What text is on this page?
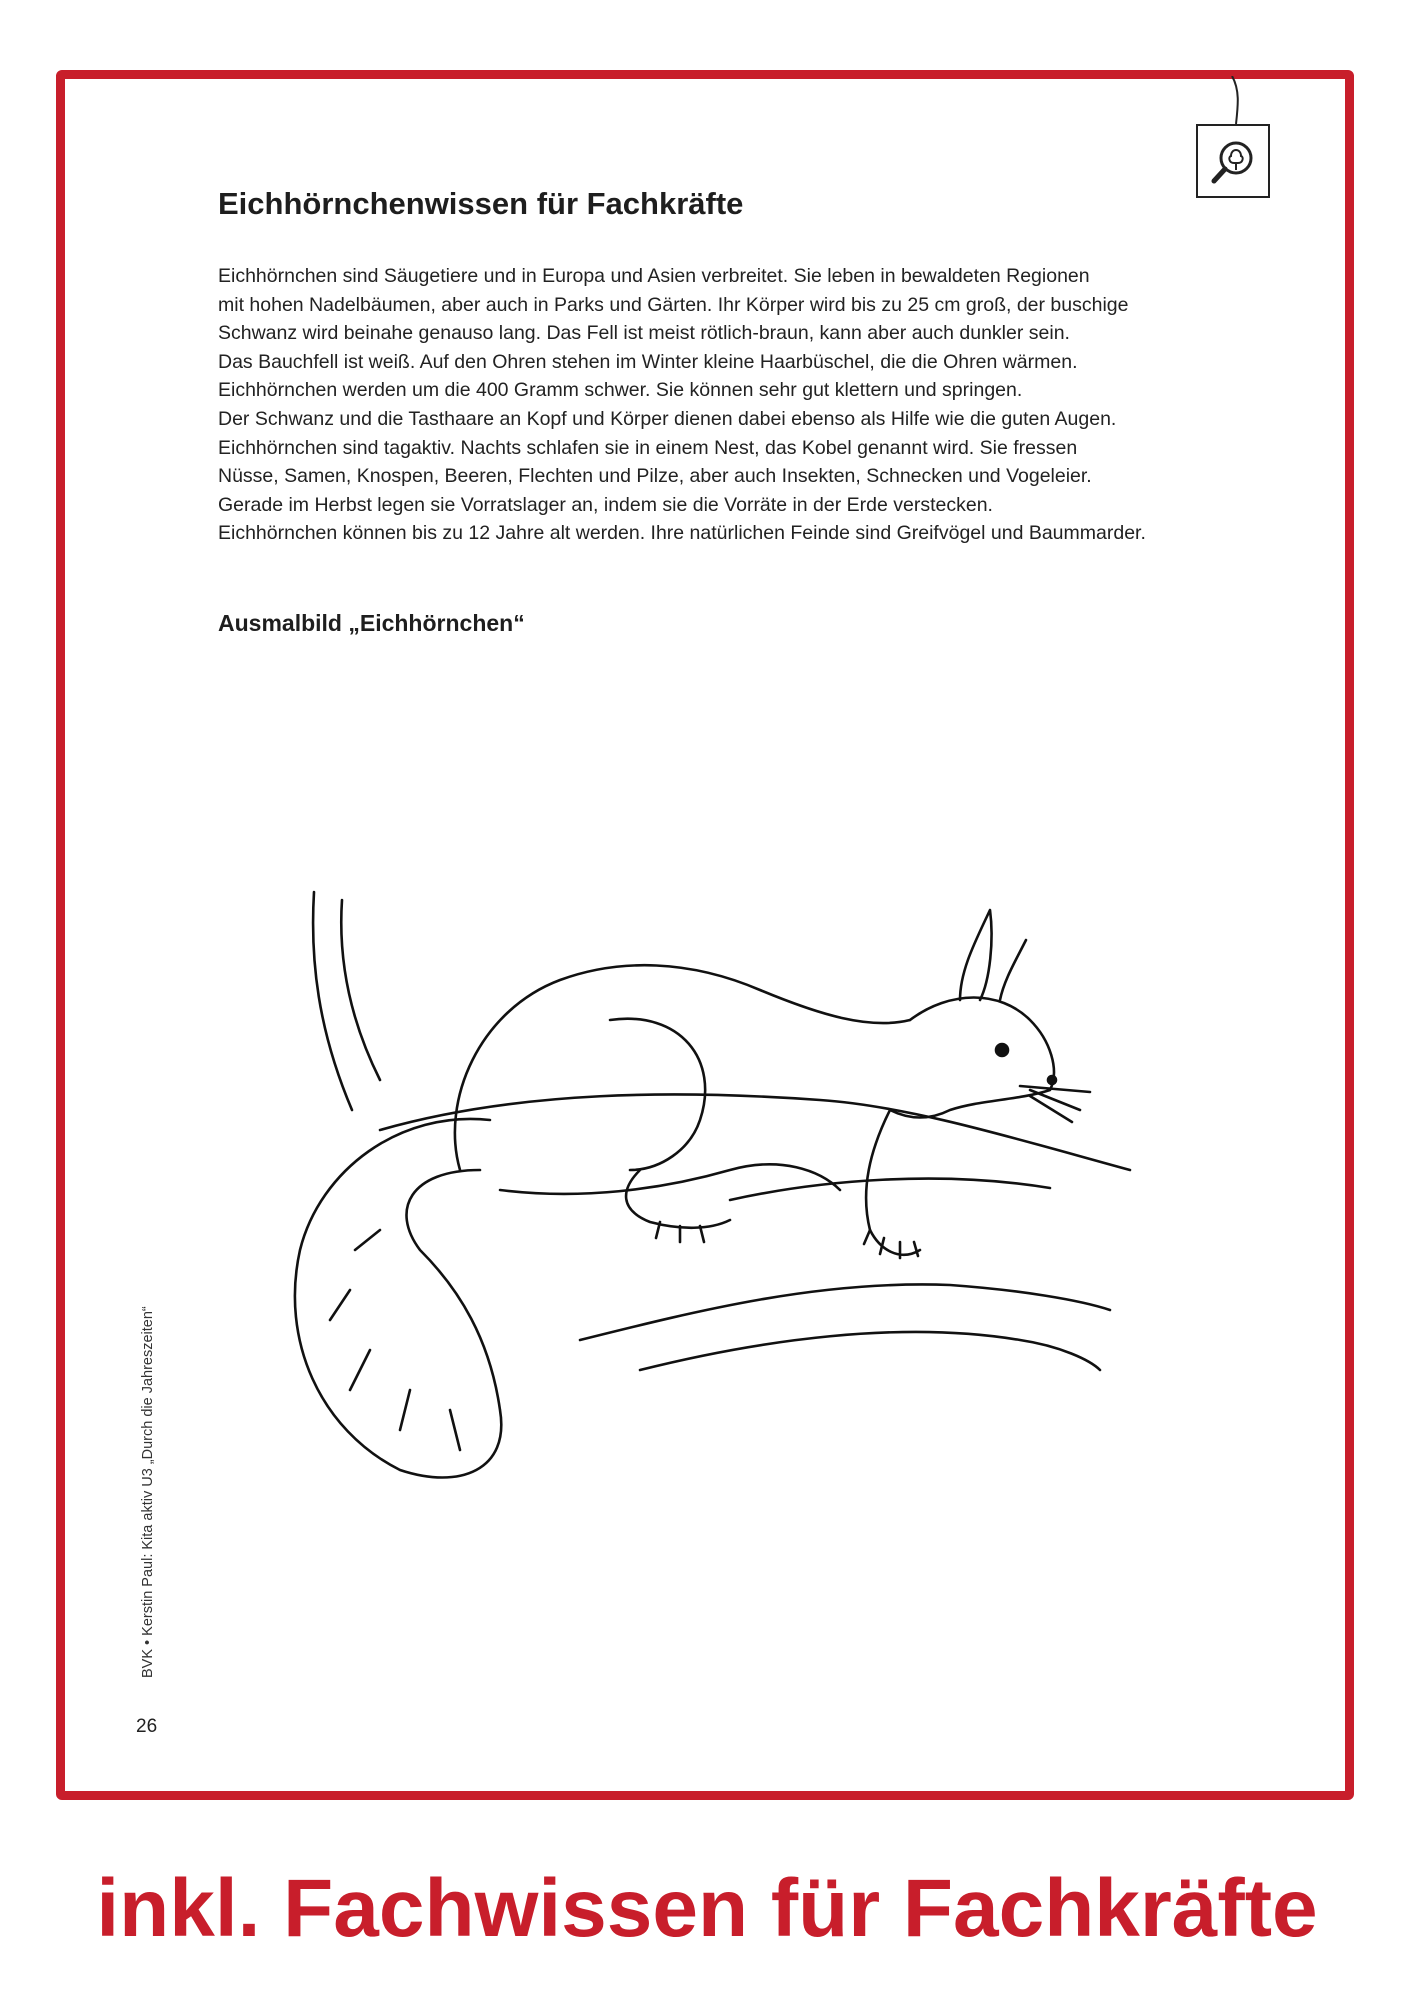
Eichhörnchenwissen für Fachkräfte
Eichhörnchen sind Säugetiere und in Europa und Asien verbreitet. Sie leben in bewaldeten Regionen
mit hohen Nadelbäumen, aber auch in Parks und Gärten. Ihr Körper wird bis zu 25 cm groß, der buschige
Schwanz wird beinahe genauso lang. Das Fell ist meist rötlich-braun, kann aber auch dunkler sein.
Das Bauchfell ist weiß. Auf den Ohren stehen im Winter kleine Haarbüschel, die die Ohren wärmen.
Eichhörnchen werden um die 400 Gramm schwer. Sie können sehr gut klettern und springen.
Der Schwanz und die Tasthaare an Kopf und Körper dienen dabei ebenso als Hilfe wie die guten Augen.
Eichhörnchen sind tagaktiv. Nachts schlafen sie in einem Nest, das Kobel genannt wird. Sie fressen
Nüsse, Samen, Knospen, Beeren, Flechten und Pilze, aber auch Insekten, Schnecken und Vogeleier.
Gerade im Herbst legen sie Vorratslager an, indem sie die Vorräte in der Erde verstecken.
Eichhörnchen können bis zu 12 Jahre alt werden. Ihre natürlichen Feinde sind Greifvögel und Baummarder.
Ausmalbild „Eichhörnchen“
BVK • Kerstin Paul: Kita aktiv U3 „Durch die Jahreszeiten“
26
inkl. Fachwissen für Fachkräfte
